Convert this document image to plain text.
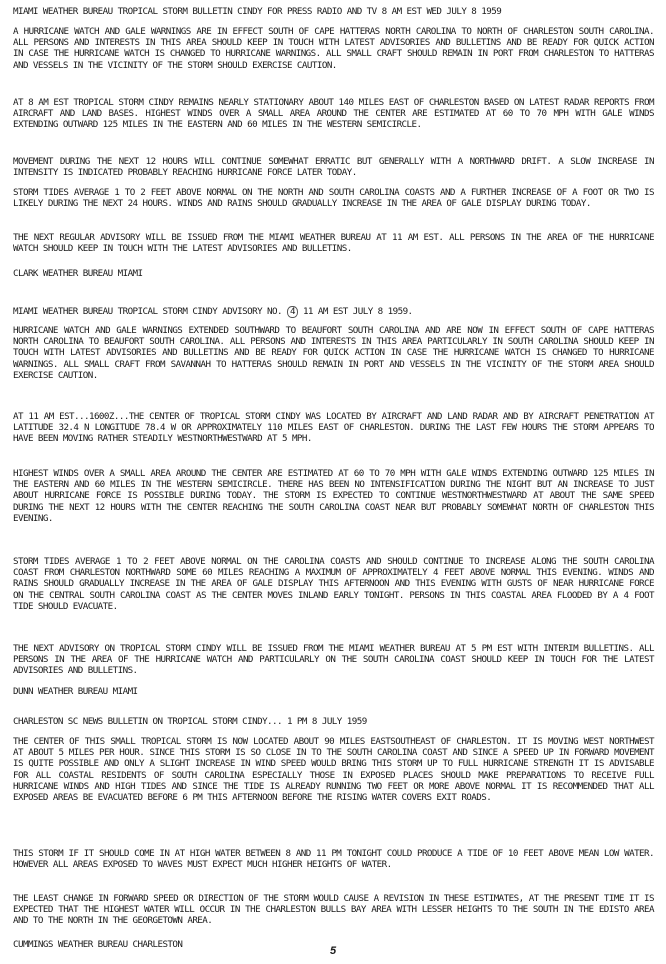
MIAMI WEATHER BUREAU TROPICAL STORM BULLETIN CINDY FOR PRESS RADIO AND TV 8 AM EST WED JULY 8 1959
A HURRICANE WATCH AND GALE WARNINGS ARE IN EFFECT SOUTH OF CAPE HATTERAS NORTH CAROLINA TO NORTH OF CHARLESTON SOUTH CAROLINA. ALL PERSONS AND INTERESTS IN THIS AREA SHOULD KEEP IN TOUCH WITH LATEST ADVISORIES AND BULLETINS AND BE READY FOR QUICK ACTION IN CASE THE HURRICANE WATCH IS CHANGED TO HURRICANE WARNINGS. ALL SMALL CRAFT SHOULD REMAIN IN PORT FROM CHARLESTON TO HATTERAS AND VESSELS IN THE VICINITY OF THE STORM SHOULD EXERCISE CAUTION.
AT 8 AM EST TROPICAL STORM CINDY REMAINS NEARLY STATIONARY ABOUT 140 MILES EAST OF CHARLESTON BASED ON LATEST RADAR REPORTS FROM AIRCRAFT AND LAND BASES. HIGHEST WINDS OVER A SMALL AREA AROUND THE CENTER ARE ESTIMATED AT 60 TO 70 MPH WITH GALE WINDS EXTENDING OUTWARD 125 MILES IN THE EASTERN AND 60 MILES IN THE WESTERN SEMICIRCLE.
MOVEMENT DURING THE NEXT 12 HOURS WILL CONTINUE SOMEWHAT ERRATIC BUT GENERALLY WITH A NORTHWARD DRIFT. A SLOW INCREASE IN INTENSITY IS INDICATED PROBABLY REACHING HURRICANE FORCE LATER TODAY.
STORM TIDES AVERAGE 1 TO 2 FEET ABOVE NORMAL ON THE NORTH AND SOUTH CAROLINA COASTS AND A FURTHER INCREASE OF A FOOT OR TWO IS LIKELY DURING THE NEXT 24 HOURS. WINDS AND RAINS SHOULD GRADUALLY INCREASE IN THE AREA OF GALE DISPLAY DURING TODAY.
THE NEXT REGULAR ADVISORY WILL BE ISSUED FROM THE MIAMI WEATHER BUREAU AT 11 AM EST. ALL PERSONS IN THE AREA OF THE HURRICANE WATCH SHOULD KEEP IN TOUCH WITH THE LATEST ADVISORIES AND BULLETINS.
CLARK WEATHER BUREAU MIAMI
MIAMI WEATHER BUREAU TROPICAL STORM CINDY ADVISORY NO. 4 11 AM EST JULY 8 1959.
HURRICANE WATCH AND GALE WARNINGS EXTENDED SOUTHWARD TO BEAUFORT SOUTH CAROLINA AND ARE NOW IN EFFECT SOUTH OF CAPE HATTERAS NORTH CAROLINA TO BEAUFORT SOUTH CAROLINA. ALL PERSONS AND INTERESTS IN THIS AREA PARTICULARLY IN SOUTH CAROLINA SHOULD KEEP IN TOUCH WITH LATEST ADVISORIES AND BULLETINS AND BE READY FOR QUICK ACTION IN CASE THE HURRICANE WATCH IS CHANGED TO HURRICANE WARNINGS. ALL SMALL CRAFT FROM SAVANNAH TO HATTERAS SHOULD REMAIN IN PORT AND VESSELS IN THE VICINITY OF THE STORM AREA SHOULD EXERCISE CAUTION.
AT 11 AM EST...1600Z...THE CENTER OF TROPICAL STORM CINDY WAS LOCATED BY AIRCRAFT AND LAND RADAR AND BY AIRCRAFT PENETRATION AT LATITUDE 32.4 N LONGITUDE 78.4 W OR APPROXIMATELY 110 MILES EAST OF CHARLESTON. DURING THE LAST FEW HOURS THE STORM APPEARS TO HAVE BEEN MOVING RATHER STEADILY WESTNORTHWESTWARD AT 5 MPH.
HIGHEST WINDS OVER A SMALL AREA AROUND THE CENTER ARE ESTIMATED AT 60 TO 70 MPH WITH GALE WINDS EXTENDING OUTWARD 125 MILES IN THE EASTERN AND 60 MILES IN THE WESTERN SEMICIRCLE. THERE HAS BEEN NO INTENSIFICATION DURING THE NIGHT BUT AN INCREASE TO JUST ABOUT HURRICANE FORCE IS POSSIBLE DURING TODAY. THE STORM IS EXPECTED TO CONTINUE WESTNORTHWESTWARD AT ABOUT THE SAME SPEED DURING THE NEXT 12 HOURS WITH THE CENTER REACHING THE SOUTH CAROLINA COAST NEAR BUT PROBABLY SOMEWHAT NORTH OF CHARLESTON THIS EVENING.
STORM TIDES AVERAGE 1 TO 2 FEET ABOVE NORMAL ON THE CAROLINA COASTS AND SHOULD CONTINUE TO INCREASE ALONG THE SOUTH CAROLINA COAST FROM CHARLESTON NORTHWARD SOME 60 MILES REACHING A MAXIMUM OF APPROXIMATELY 4 FEET ABOVE NORMAL THIS EVENING. WINDS AND RAINS SHOULD GRADUALLY INCREASE IN THE AREA OF GALE DISPLAY THIS AFTERNOON AND THIS EVENING WITH GUSTS OF NEAR HURRICANE FORCE ON THE CENTRAL SOUTH CAROLINA COAST AS THE CENTER MOVES INLAND EARLY TONIGHT. PERSONS IN THIS COASTAL AREA FLOODED BY A 4 FOOT TIDE SHOULD EVACUATE.
THE NEXT ADVISORY ON TROPICAL STORM CINDY WILL BE ISSUED FROM THE MIAMI WEATHER BUREAU AT 5 PM EST WITH INTERIM BULLETINS. ALL PERSONS IN THE AREA OF THE HURRICANE WATCH AND PARTICULARLY ON THE SOUTH CAROLINA COAST SHOULD KEEP IN TOUCH FOR THE LATEST ADVISORIES AND BULLETINS.
DUNN WEATHER BUREAU MIAMI
CHARLESTON SC NEWS BULLETIN ON TROPICAL STORM CINDY... 1 PM 8 JULY 1959
THE CENTER OF THIS SMALL TROPICAL STORM IS NOW LOCATED ABOUT 90 MILES EASTSOUTHEAST OF CHARLESTON. IT IS MOVING WEST NORTHWEST AT ABOUT 5 MILES PER HOUR. SINCE THIS STORM IS SO CLOSE IN TO THE SOUTH CAROLINA COAST AND SINCE A SPEED UP IN FORWARD MOVEMENT IS QUITE POSSIBLE AND ONLY A SLIGHT INCREASE IN WIND SPEED WOULD BRING THIS STORM UP TO FULL HURRICANE STRENGTH IT IS ADVISABLE FOR ALL COASTAL RESIDENTS OF SOUTH CAROLINA ESPECIALLY THOSE IN EXPOSED PLACES SHOULD MAKE PREPARATIONS TO RECEIVE FULL HURRICANE WINDS AND HIGH TIDES AND SINCE THE TIDE IS ALREADY RUNNING TWO FEET OR MORE ABOVE NORMAL IT IS RECOMMENDED THAT ALL EXPOSED AREAS BE EVACUATED BEFORE 6 PM THIS AFTERNOON BEFORE THE RISING WATER COVERS EXIT ROADS.
THIS STORM IF IT SHOULD COME IN AT HIGH WATER BETWEEN 8 AND 11 PM TONIGHT COULD PRODUCE A TIDE OF 10 FEET ABOVE MEAN LOW WATER. HOWEVER ALL AREAS EXPOSED TO WAVES MUST EXPECT MUCH HIGHER HEIGHTS OF WATER.
THE LEAST CHANGE IN FORWARD SPEED OR DIRECTION OF THE STORM WOULD CAUSE A REVISION IN THESE ESTIMATES, AT THE PRESENT TIME IT IS EXPECTED THAT THE HIGHEST WATER WILL OCCUR IN THE CHARLESTON BULLS BAY AREA WITH LESSER HEIGHTS TO THE SOUTH IN THE EDISTO AREA AND TO THE NORTH IN THE GEORGETOWN AREA.
CUMMINGS WEATHER BUREAU CHARLESTON
5
